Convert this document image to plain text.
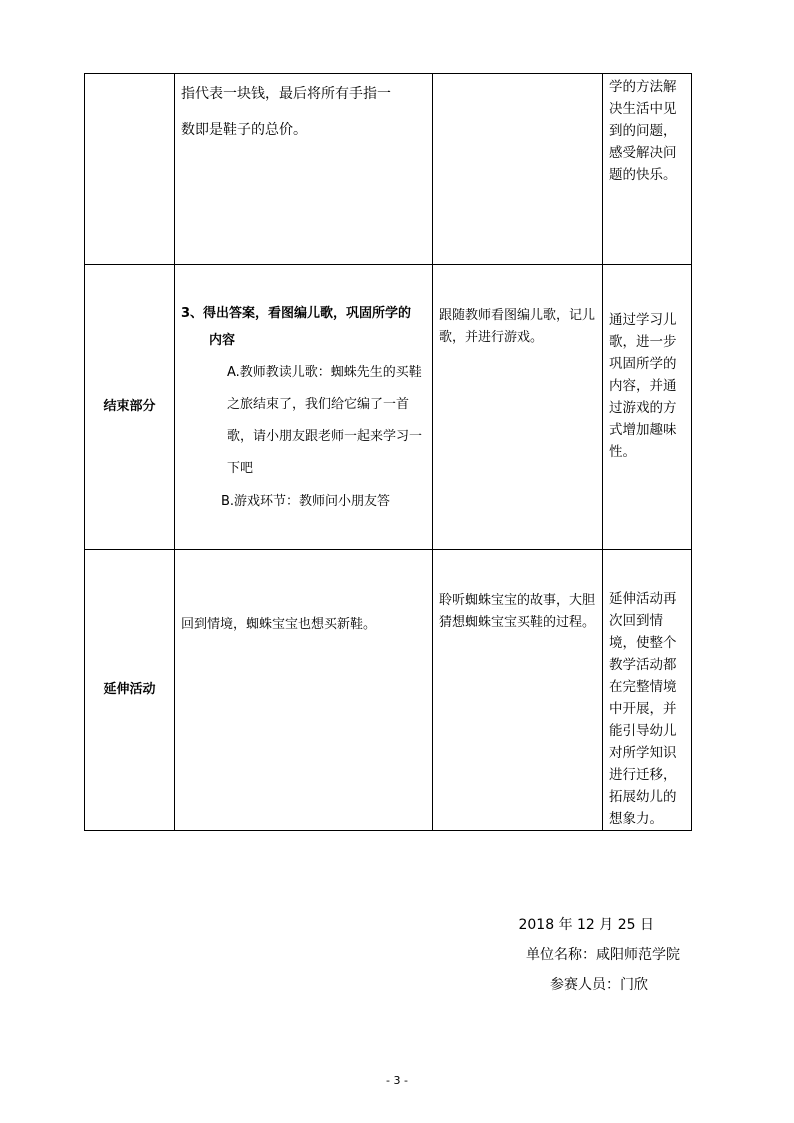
	指代表一块钱，最后将所有手指一
数即是鞋子的总价。		学的方法解决生活中见到的问题，感受解决问题的快乐。

结束部分	3、得出答案，看图编儿歌，巩固所学的
内容
A.教师教读儿歌：蜘蛛先生的买鞋之旅结束了，我们给它编了一首歌，请小朋友跟老师一起来学习一下吧
B.游戏环节：教师问小朋友答	跟随教师看图编儿歌，记儿歌，并进行游戏。	通过学习儿歌，进一步巩固所学的内容，并通过游戏的方式增加趣味性。

延伸活动	回到情境，蜘蛛宝宝也想买新鞋。	聆听蜘蛛宝宝的故事，大胆猜想蜘蛛宝宝买鞋的过程。	延伸活动再次回到情境，使整个教学活动都在完整情境中开展，并能引导幼儿对所学知识进行迁移，拓展幼儿的想象力。

2018 年 12 月 25 日
单位名称：咸阳师范学院
参赛人员：门欣
- 3 -
